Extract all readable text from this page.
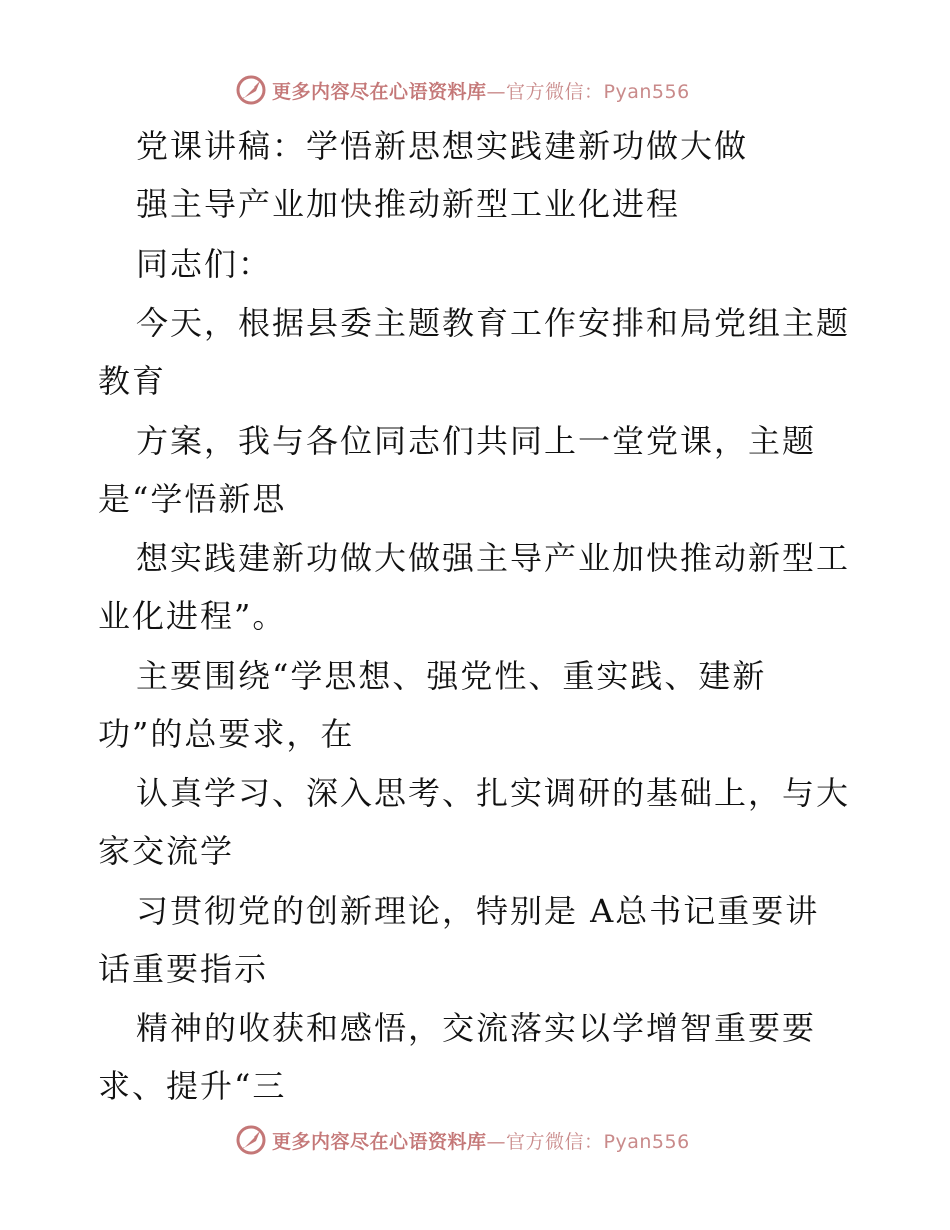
更多内容尽在心语资料库—官方微信：Pyan556
党课讲稿：学悟新思想实践建新功做大做
强主导产业加快推动新型工业化进程
同志们：
今天，根据县委主题教育工作安排和局党组主题
教育
方案，我与各位同志们共同上一堂党课，主题
是“学悟新思
想实践建新功做大做强主导产业加快推动新型工
业化进程”。
主要围绕“学思想、强党性、重实践、建新
功”的总要求，在
认真学习、深入思考、扎实调研的基础上，与大
家交流学
习贯彻党的创新理论，特别是 A总书记重要讲
话重要指示
精神的收获和感悟，交流落实以学增智重要要
求、提升“三
更多内容尽在心语资料库—官方微信：Pyan556
